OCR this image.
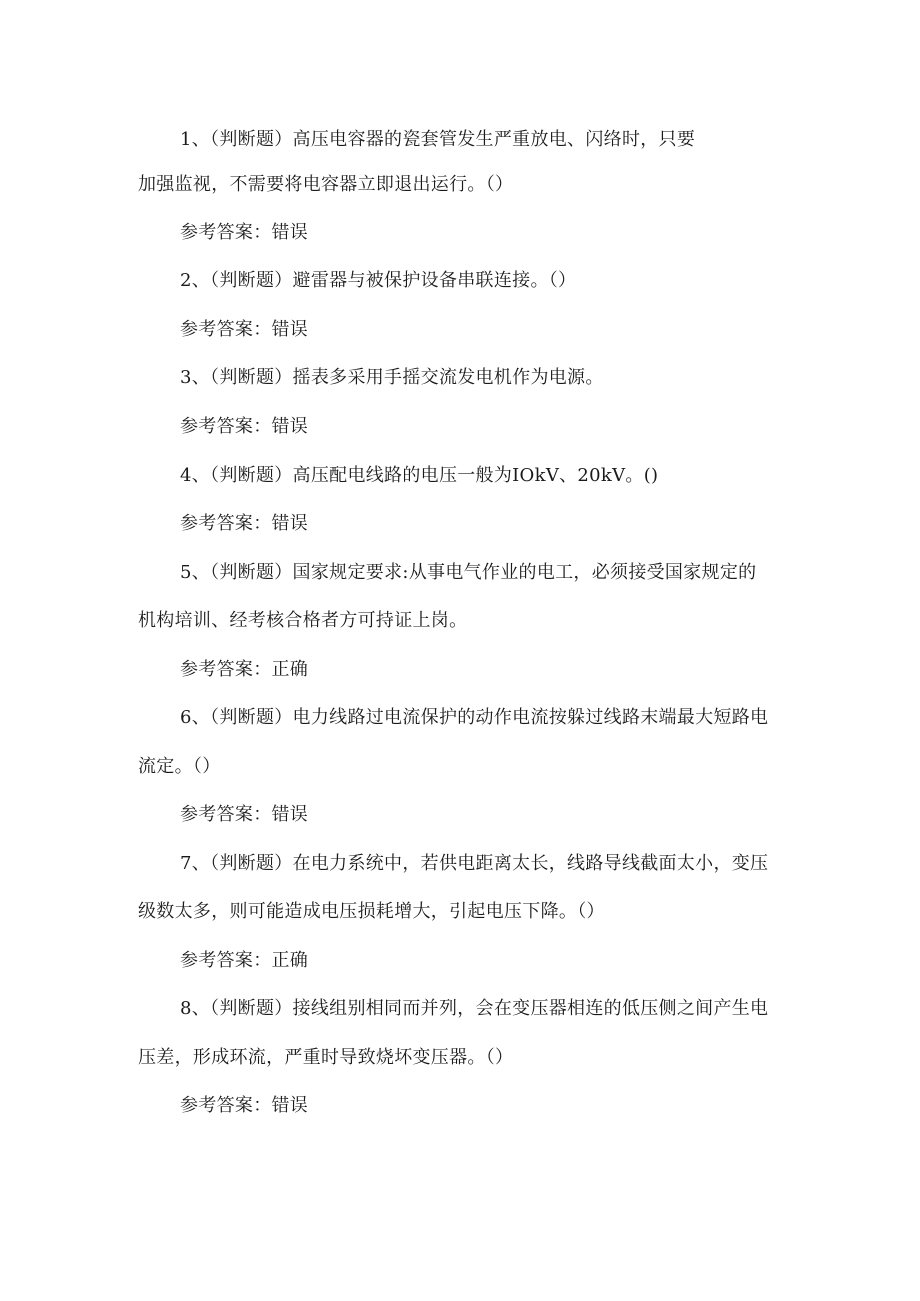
1、（判断题）高压电容器的瓷套管发生严重放电、闪络时，只要
加强监视，不需要将电容器立即退出运行。（）
参考答案：错误
2、（判断题）避雷器与被保护设备串联连接。（）
参考答案：错误
3、（判断题）摇表多采用手摇交流发电机作为电源。
参考答案：错误
4、（判断题）高压配电线路的电压一般为IOkV、20kV。()
参考答案：错误
5、（判断题）国家规定要求:从事电气作业的电工，必须接受国家规定的
机构培训、经考核合格者方可持证上岗。
参考答案：正确
6、（判断题）电力线路过电流保护的动作电流按躲过线路末端最大短路电
流定。（）
参考答案：错误
7、（判断题）在电力系统中，若供电距离太长，线路导线截面太小，变压
级数太多，则可能造成电压损耗增大，引起电压下降。（）
参考答案：正确
8、（判断题）接线组别相同而并列，会在变压器相连的低压侧之间产生电
压差，形成环流，严重时导致烧坏变压器。（）
参考答案：错误
